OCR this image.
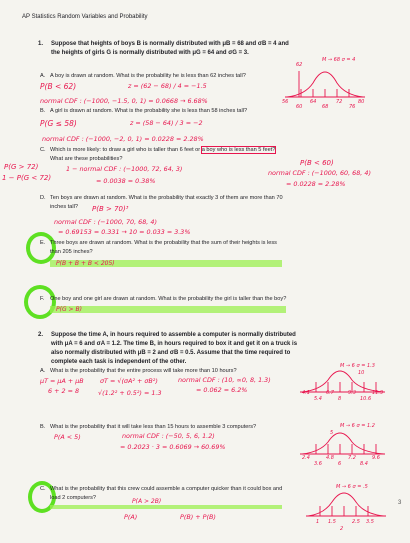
AP Statistics Random Variables and Probability
1. Suppose that heights of boys B is normally distributed with μB = 68 and σB = 4 and
the heights of girls G is normally distributed with μG = 64 and σG = 3.
M → 68 σ = 4
62
56
60
64
68
72
76
80
A. A boy is drawn at random. What is the probability he is less than 62 inches tall?
P(B < 62)	z = (62 − 68) / 4 = −1.5
normal CDF : (−1000, −1.5, 0, 1) = 0.0668 → 6.68%
B. A girl is drawn at random. What is the probability she is less than 58 inches tall?
P(G ≤ 58)	z = (58 − 64) / 3 = −2
normal CDF : (−1000, −2, 0, 1) = 0.0228 = 2.28%
C. Which is more likely: to draw a girl who is taller than 6 feet or a boy who is less than 5 feet?
What are these probabilities?
P(G > 72)
1 − P(G < 72)
1 − normal CDF : (−1000, 72, 64, 3)
= 0.0038 = 0.38%
P(B < 60)
normal CDF : (−1000, 60, 68, 4)
= 0.0228 = 2.28%
D. Ten boys are drawn at random. What is the probability that exactly 3 of them are more than 70
inches tall? P(B > 70)³
normal CDF : (−1000, 70, 68, 4)
= 0.69153 = 0.331 → 10 = 0.033 = 3.3%
E. Three boys are drawn at random. What is the probability that the sum of their heights is less
than 205 inches?
P(B + B + B < 205)
F. One boy and one girl are drawn at random. What is the probability the girl is taller than the boy?
P(G > B)
2. Suppose the time A, in hours required to assemble a computer is normally distributed
with μA = 6 and σA = 1.2. The time B, in hours required to box it and get it on a truck is
also normally distributed with μB = 2 and σB = 0.5. Assume that the time required to
complete each task is independent of the other.
M → 6 σ = 1.3
10
4.1
5.4
6.7
8
9.3
10.6
11.9
A. What is the probability that the entire process will take more than 10 hours?
μT = μA + μB
6 + 2 = 8
σT = √(σA² + σB²)
√(1.2² + 0.5²) = 1.3
normal CDF : (10, ∞0, 8, 1.3)
= 0.062 = 6.2%
B. What is the probability that it will take less than 15 hours to assemble 3 computers?	M → 6 σ = 1.2
5
2.4
3.6
4.8
6
7.2
8.4
9.6
P(A < 5)	normal CDF : (−50, 5, 6, 1.2)
= 0.2023 · 3 = 0.6069 → 60.69%
C. What is the probability that this crew could assemble a computer quicker than it could box and
load 2 computers?	P(A > 2B)
P(A)	P(B) + P(B)
M → 6 σ = .5
1 1.5
2
2.5 3.5
3
